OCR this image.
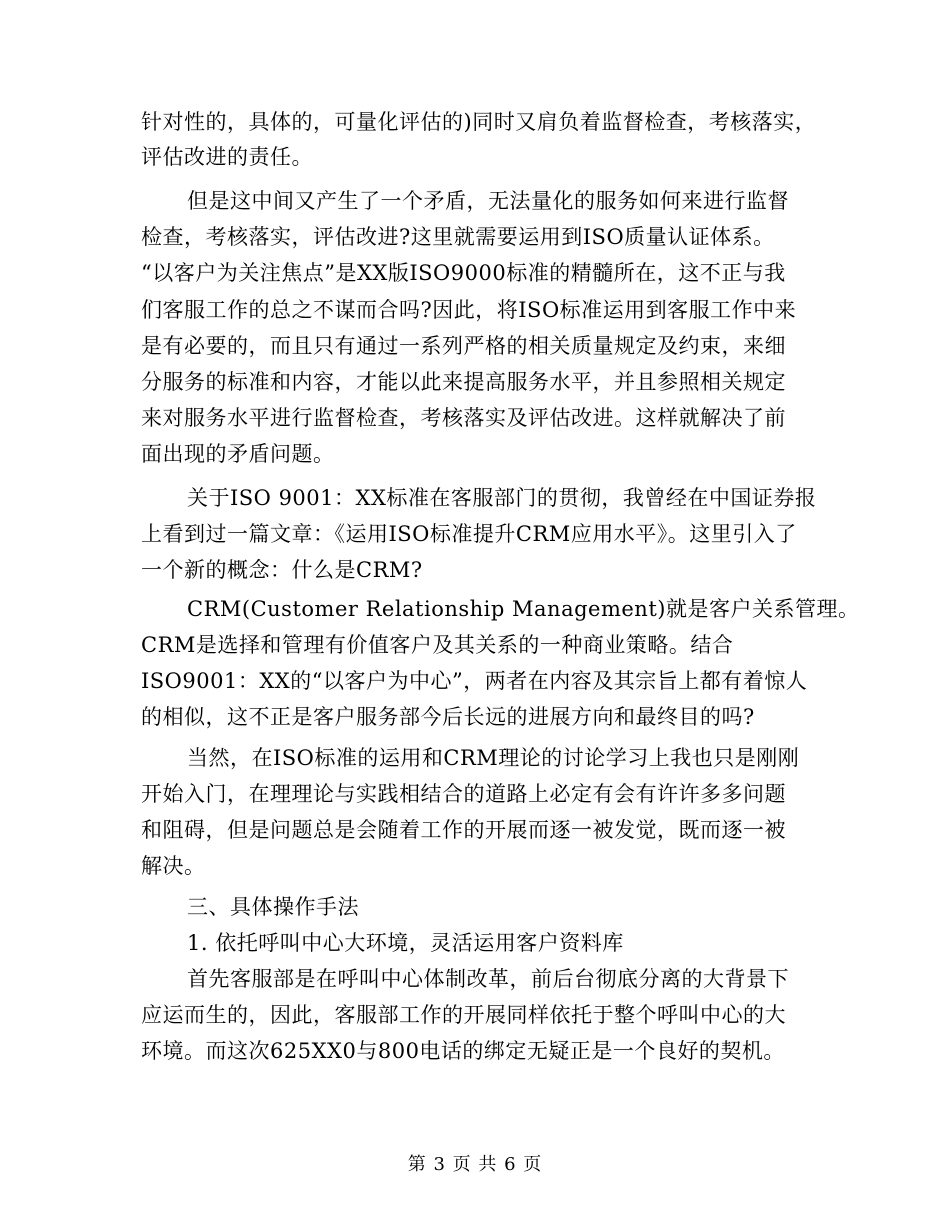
针对性的，具体的，可量化评估的)同时又肩负着监督检查，考核落实，
评估改进的责任。
但是这中间又产生了一个矛盾，无法量化的服务如何来进行监督
检查，考核落实，评估改进?这里就需要运用到ISO质量认证体系。
“以客户为关注焦点”是XX版ISO9000标准的精髓所在，这不正与我
们客服工作的总之不谋而合吗?因此，将ISO标准运用到客服工作中来
是有必要的，而且只有通过一系列严格的相关质量规定及约束，来细
分服务的标准和内容，才能以此来提高服务水平，并且参照相关规定
来对服务水平进行监督检查，考核落实及评估改进。这样就解决了前
面出现的矛盾问题。
关于ISO 9001：XX标准在客服部门的贯彻，我曾经在中国证券报
上看到过一篇文章：《运用ISO标准提升CRM应用水平》。这里引入了
一个新的概念：什么是CRM?
CRM(Customer Relationship Management)就是客户关系管理。
CRM是选择和管理有价值客户及其关系的一种商业策略。结合
ISO9001：XX的“以客户为中心”，两者在内容及其宗旨上都有着惊人
的相似，这不正是客户服务部今后长远的进展方向和最终目的吗?
当然，在ISO标准的运用和CRM理论的讨论学习上我也只是刚刚
开始入门，在理理论与实践相结合的道路上必定有会有许许多多问题
和阻碍，但是问题总是会随着工作的开展而逐一被发觉，既而逐一被
解决。
三、具体操作手法
1. 依托呼叫中心大环境，灵活运用客户资料库
首先客服部是在呼叫中心体制改革，前后台彻底分离的大背景下
应运而生的，因此，客服部工作的开展同样依托于整个呼叫中心的大
环境。而这次625XX0与800电话的绑定无疑正是一个良好的契机。
第 3 页 共 6 页
